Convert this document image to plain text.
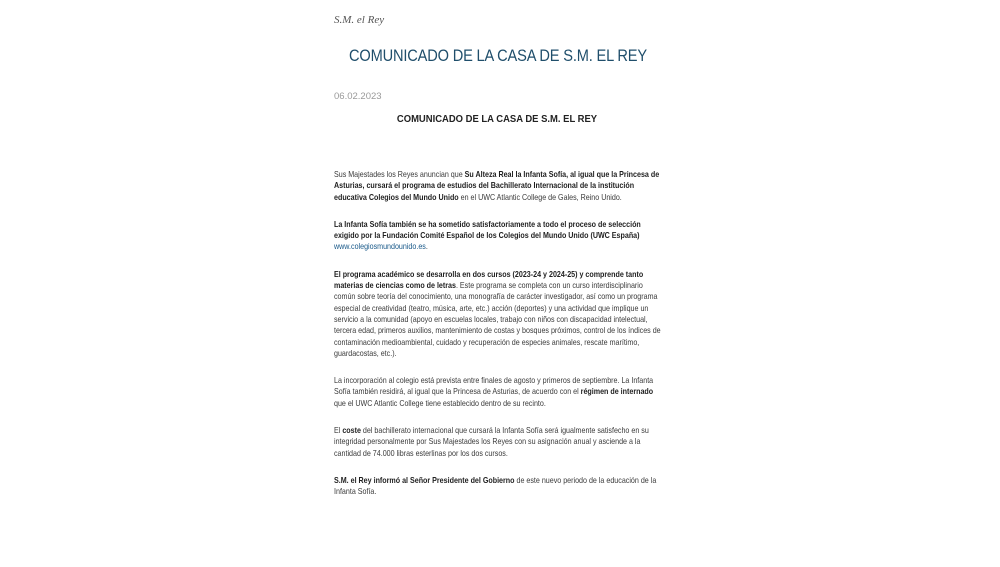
S.M. el Rey
COMUNICADO DE LA CASA DE S.M. EL REY
06.02.2023
COMUNICADO DE LA CASA DE S.M. EL REY

Sus Majestades los Reyes anuncian que Su Alteza Real la Infanta Sofía, al igual que la Princesa de Asturias, cursará el programa de estudios del Bachillerato Internacional de la institución educativa Colegios del Mundo Unido en el UWC Atlantic College de Gales, Reino Unido.

La Infanta Sofía también se ha sometido satisfactoriamente a todo el proceso de selección exigido por la Fundación Comité Español de los Colegios del Mundo Unido (UWC España) www.colegiosmundounido.es.

El programa académico se desarrolla en dos cursos (2023-24 y 2024-25) y comprende tanto materias de ciencias como de letras. Este programa se completa con un curso interdisciplinario común sobre teoría del conocimiento, una monografía de carácter investigador, así como un programa especial de creatividad (teatro, música, arte, etc.) acción (deportes) y una actividad que implique un servicio a la comunidad (apoyo en escuelas locales, trabajo con niños con discapacidad intelectual, tercera edad, primeros auxilios, mantenimiento de costas y bosques próximos, control de los índices de contaminación medioambiental, cuidado y recuperación de especies animales, rescate marítimo, guardacostas, etc.).

La incorporación al colegio está prevista entre finales de agosto y primeros de septiembre. La Infanta Sofía también residirá, al igual que la Princesa de Asturias, de acuerdo con el régimen de internado que el UWC Atlantic College tiene establecido dentro de su recinto.

El coste del bachillerato internacional que cursará la Infanta Sofía será igualmente satisfecho en su integridad personalmente por Sus Majestades los Reyes con su asignación anual y asciende a la cantidad de 74.000 libras esterlinas por los dos cursos.

S.M. el Rey informó al Señor Presidente del Gobierno de este nuevo periodo de la educación de la Infanta Sofía.
